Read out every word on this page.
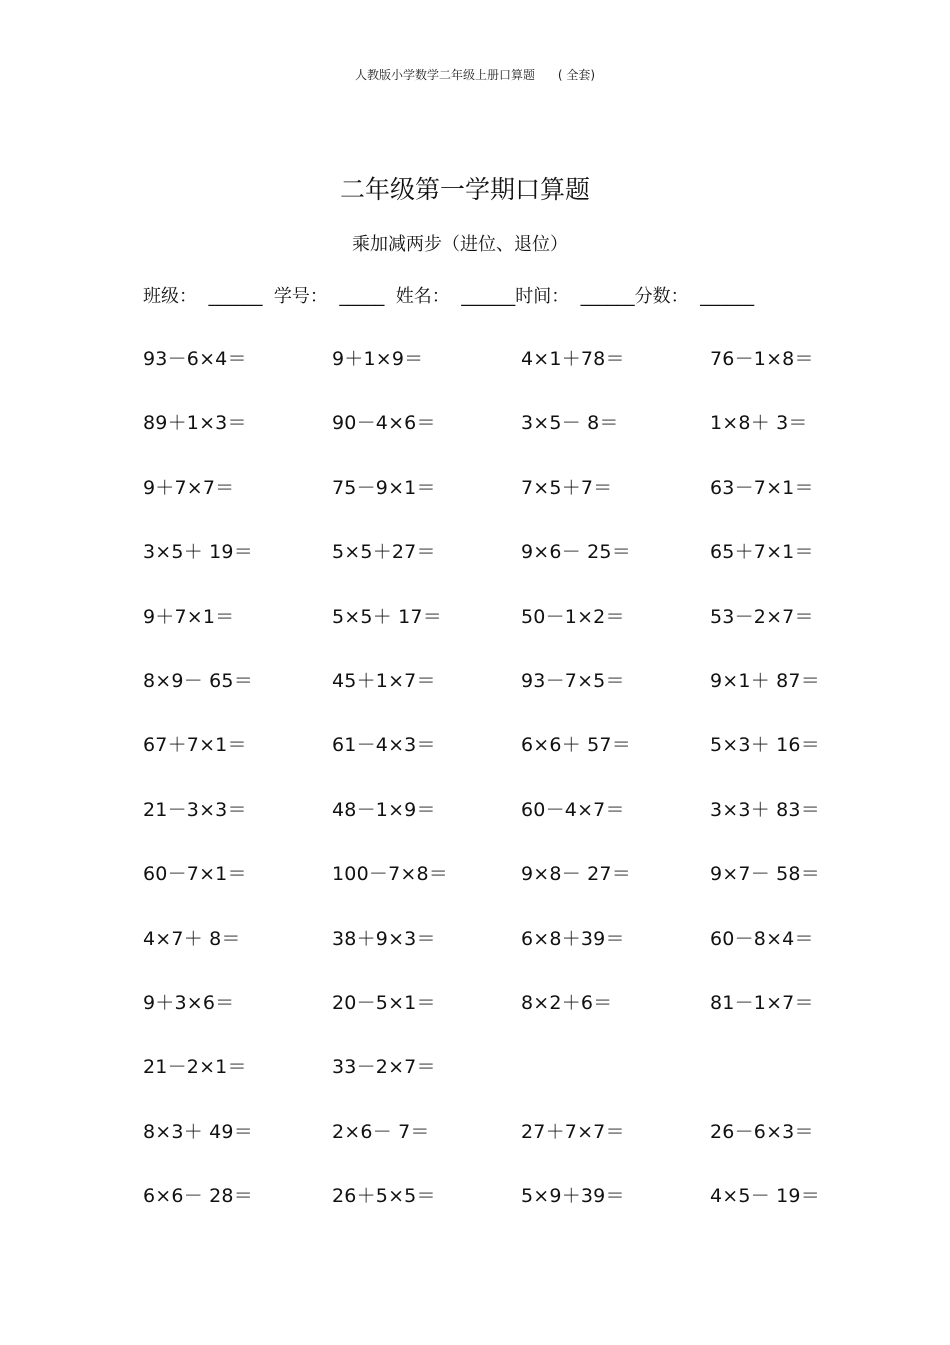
人教版小学数学二年级上册口算题      ( 全套)
二年级第一学期口算题
乘加减两步（进位、退位）
班级：  ______  学号：  _____  姓名：  ______时间：  ______分数：  ______
93－6×4＝	9＋1×9＝	4×1＋78＝	76－1×8＝
89＋1×3＝	90－4×6＝	3×5－ 8＝	1×8＋ 3＝
9＋7×7＝	75－9×1＝	7×5＋7＝	63－7×1＝
3×5＋ 19＝	5×5＋27＝	9×6－ 25＝	65＋7×1＝
9＋7×1＝	5×5＋ 17＝	50－1×2＝	53－2×7＝
8×9－ 65＝	45＋1×7＝	93－7×5＝	9×1＋ 87＝
67＋7×1＝	61－4×3＝	6×6＋ 57＝	5×3＋ 16＝
21－3×3＝	48－1×9＝	60－4×7＝	3×3＋ 83＝
60－7×1＝	100－7×8＝	9×8－ 27＝	9×7－ 58＝
4×7＋ 8＝	38＋9×3＝	6×8＋39＝	60－8×4＝
9＋3×6＝	20－5×1＝	8×2＋6＝	81－1×7＝
21－2×1＝	33－2×7＝
8×3＋ 49＝	2×6－ 7＝	27＋7×7＝	26－6×3＝
6×6－ 28＝	26＋5×5＝	5×9＋39＝	4×5－ 19＝
